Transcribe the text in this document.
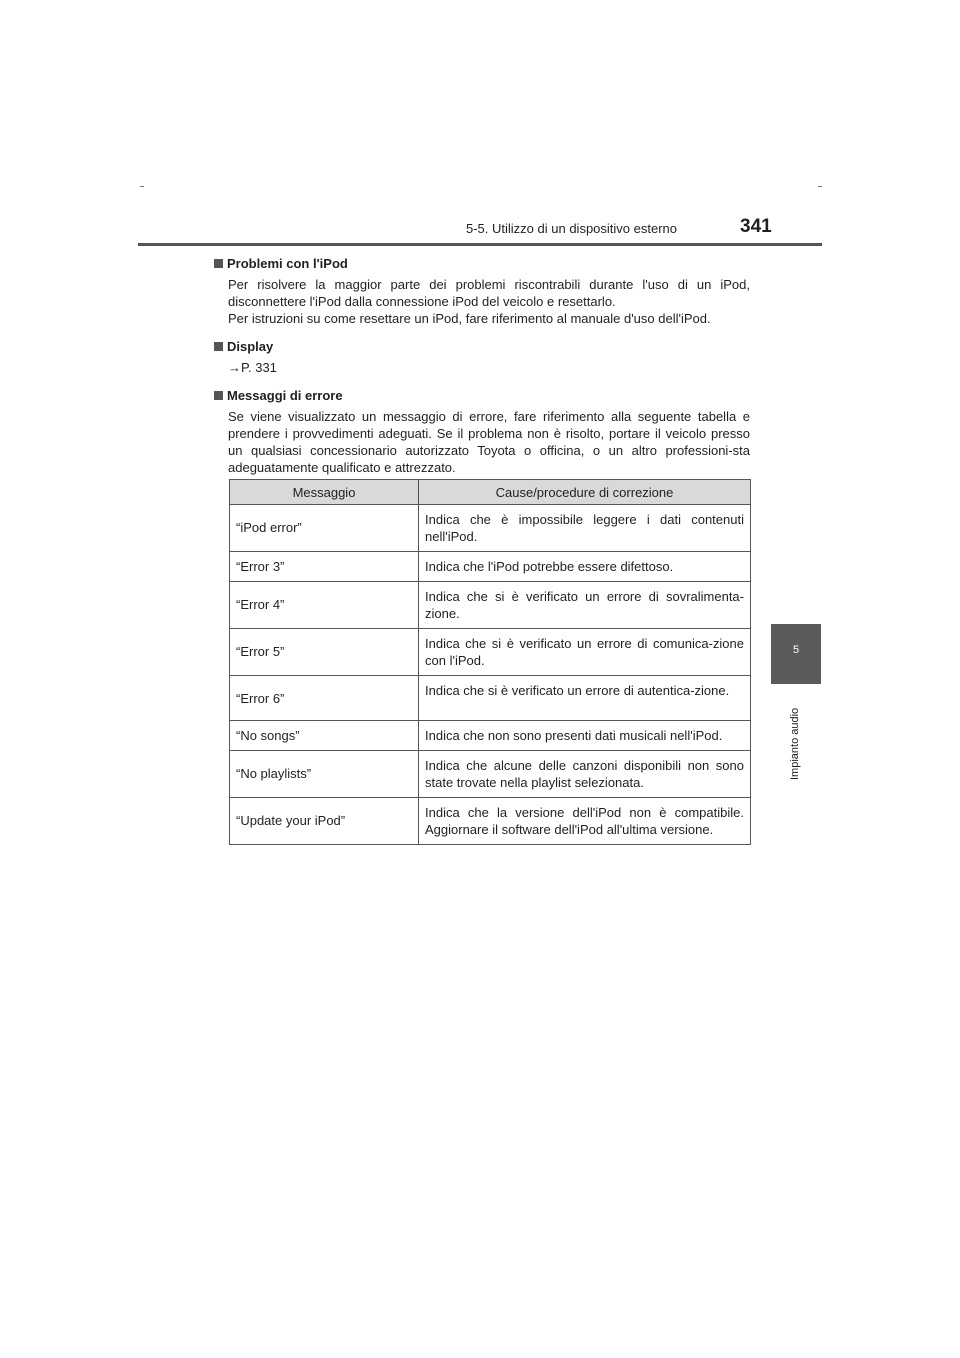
5-5. Utilizzo di un dispositivo esterno	341
5
Impianto audio
Problemi con l'iPod

Per risolvere la maggior parte dei problemi riscontrabili durante l'uso di un iPod, disconnettere l'iPod dalla connessione iPod del veicolo e resettarlo.

Per istruzioni su come resettare un iPod, fare riferimento al manuale d'uso dell'iPod.

Display
→P. 331
Messaggi di errore

Se viene visualizzato un messaggio di errore, fare riferimento alla seguente tabella e prendere i provvedimenti adeguati. Se il problema non è risolto, portare il veicolo presso un qualsiasi concessionario autorizzato Toyota o officina, o un altro professioni-sta adeguatamente qualificato e attrezzato.

Messaggio	Cause/procedure di correzione
“iPod error”	Indica che è impossibile leggere i dati contenuti nell'iPod.
“Error 3”	Indica che l'iPod potrebbe essere difettoso.
“Error 4”	Indica che si è verificato un errore di sovralimenta-zione.
“Error 5”	Indica che si è verificato un errore di comunica-zione con l'iPod.
“Error 6”	Indica che si è verificato un errore di autentica-zione.
“No songs”	Indica che non sono presenti dati musicali nell'iPod.
“No playlists”	Indica che alcune delle canzoni disponibili non sono state trovate nella playlist selezionata.
“Update your iPod”	Indica che la versione dell'iPod non è compatibile. Aggiornare il software dell'iPod all'ultima versione.
